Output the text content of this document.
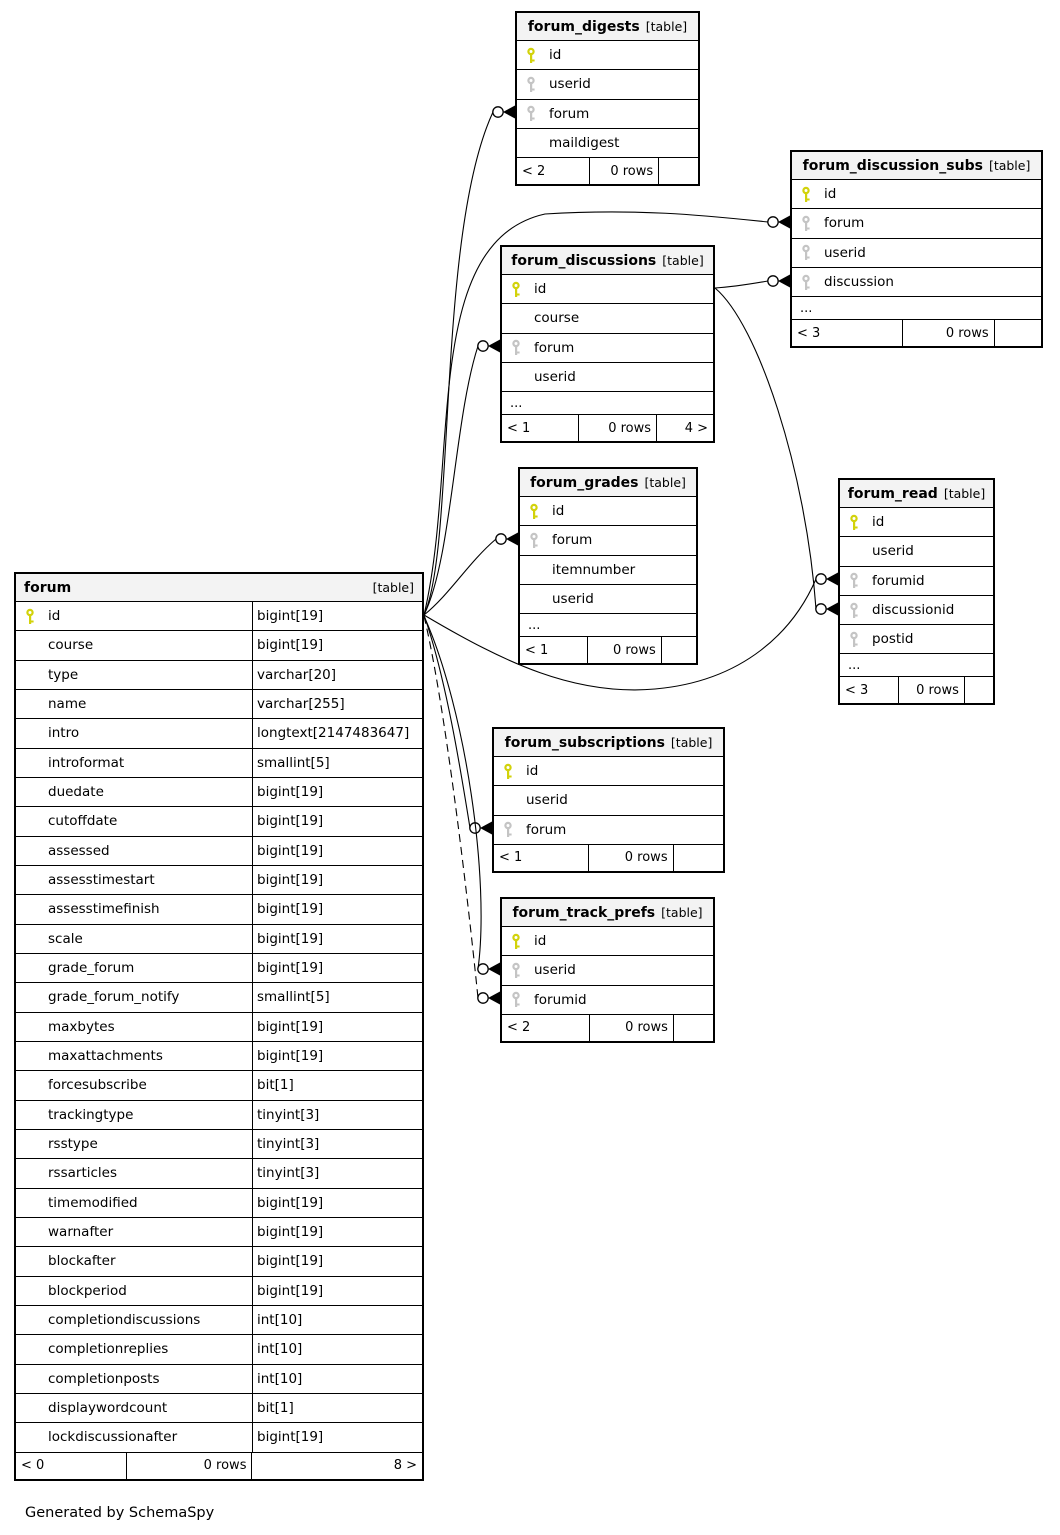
forum_digests [table]
id
userid
forum
maildigest
< 2	0 rows	forum_discussion_subs [table]
id
forum
userid
discussion
...
< 3	0 rows
forum_discussions [table]
id
course
forum
userid
...
< 1	0 rows	4 >
forum_grades [table]
id
forum
itemnumber
userid
...
< 1	0 rows
forum_read [table]
id
userid
forumid
discussionid
postid
...
< 3	0 rows
forum	[table]
id	bigint[19]
course	bigint[19]
type	varchar[20]
name	varchar[255]
intro	longtext[2147483647]
introformat	smallint[5]
duedate	bigint[19]
cutoffdate	bigint[19]
assessed	bigint[19]
assesstimestart	bigint[19]
assesstimefinish	bigint[19]
scale	bigint[19]
grade_forum	bigint[19]
grade_forum_notify	smallint[5]
maxbytes	bigint[19]
maxattachments	bigint[19]
forcesubscribe	bit[1]
trackingtype	tinyint[3]
rsstype	tinyint[3]
rssarticles	tinyint[3]
timemodified	bigint[19]
warnafter	bigint[19]
blockafter	bigint[19]
blockperiod	bigint[19]
completiondiscussions	int[10]
completionreplies	int[10]
completionposts	int[10]
displaywordcount	bit[1]
lockdiscussionafter	bigint[19]
< 0	0 rows	8 >
forum_subscriptions [table]
id
userid
forum
< 1	0 rows
forum_track_prefs [table]
id
userid
forumid
< 2	0 rows
Generated by SchemaSpy
